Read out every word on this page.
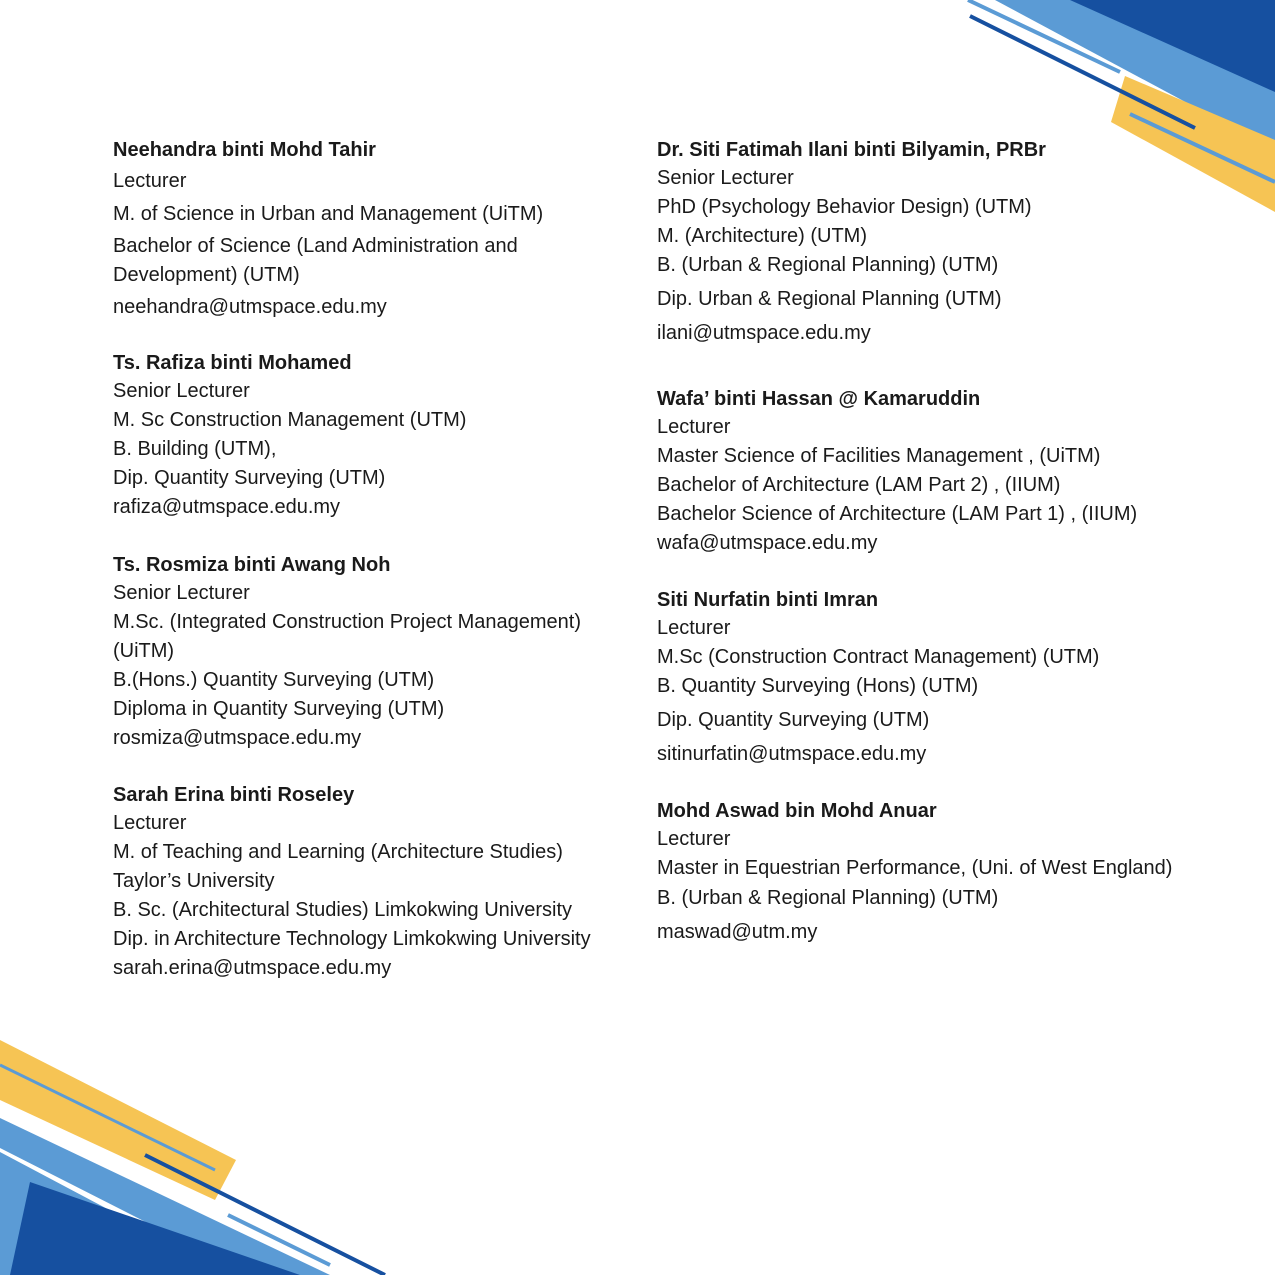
Neehandra binti Mohd Tahir

Lecturer

M. of Science in Urban and Management (UiTM)

Bachelor of Science (Land Administration and Development) (UTM)

neehandra@utmspace.edu.my

Ts. Rafiza binti Mohamed

Senior Lecturer

M. Sc Construction Management (UTM)

B. Building (UTM),

Dip. Quantity Surveying (UTM)

rafiza@utmspace.edu.my

Ts. Rosmiza binti Awang Noh

Senior Lecturer

M.Sc. (Integrated Construction Project Management) (UiTM)

B.(Hons.) Quantity Surveying (UTM)

Diploma in Quantity Surveying (UTM)

rosmiza@utmspace.edu.my

Sarah Erina binti Roseley

Lecturer

M. of Teaching and Learning (Architecture Studies) Taylor’s University

B. Sc. (Architectural Studies) Limkokwing University

Dip. in Architecture Technology Limkokwing University

sarah.erina@utmspace.edu.my

Dr. Siti Fatimah Ilani binti Bilyamin, PRBr

Senior Lecturer

PhD (Psychology Behavior Design) (UTM)

M. (Architecture) (UTM)

B. (Urban & Regional Planning) (UTM)

Dip. Urban & Regional Planning (UTM)

ilani@utmspace.edu.my

Wafa’ binti Hassan @ Kamaruddin

Lecturer

Master Science of Facilities Management , (UiTM)

Bachelor of Architecture (LAM Part 2) , (IIUM)

Bachelor Science of Architecture (LAM Part 1) , (IIUM)

wafa@utmspace.edu.my

Siti Nurfatin binti Imran

Lecturer

M.Sc (Construction Contract Management) (UTM)

B. Quantity Surveying (Hons) (UTM)

Dip. Quantity Surveying (UTM)

sitinurfatin@utmspace.edu.my

Mohd Aswad bin Mohd Anuar

Lecturer

Master in Equestrian Performance, (Uni. of West England)

B. (Urban & Regional Planning) (UTM)

maswad@utm.my
